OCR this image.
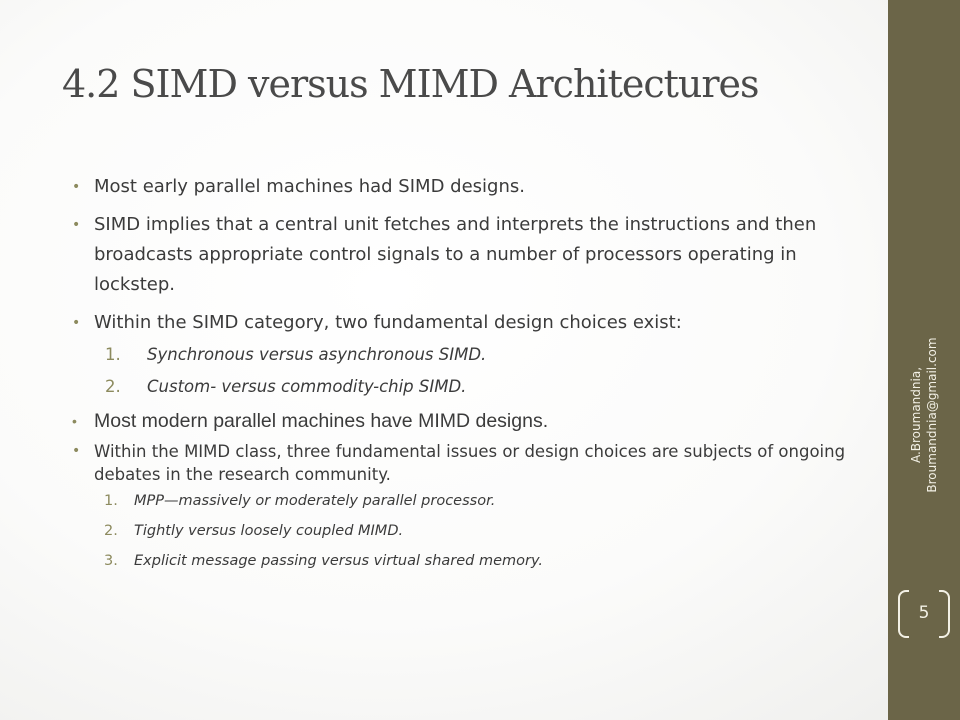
4.2 SIMD versus MIMD Architectures
• Most early parallel machines had SIMD designs.
• SIMD implies that a central unit fetches and interprets the instructions and then broadcasts appropriate control signals to a number of processors operating in lockstep.
• Within the SIMD category, two fundamental design choices exist:
1. Synchronous versus asynchronous SIMD.
2. Custom- versus commodity-chip SIMD.
• Most modern parallel machines have MIMD designs.
• Within the MIMD class, three fundamental issues or design choices are subjects of ongoing debates in the research community.
1. MPP—massively or moderately parallel processor.
2. Tightly versus loosely coupled MIMD.
3. Explicit message passing versus virtual shared memory.
A.Broumandnia, Broumandnia@gmail.com
5
